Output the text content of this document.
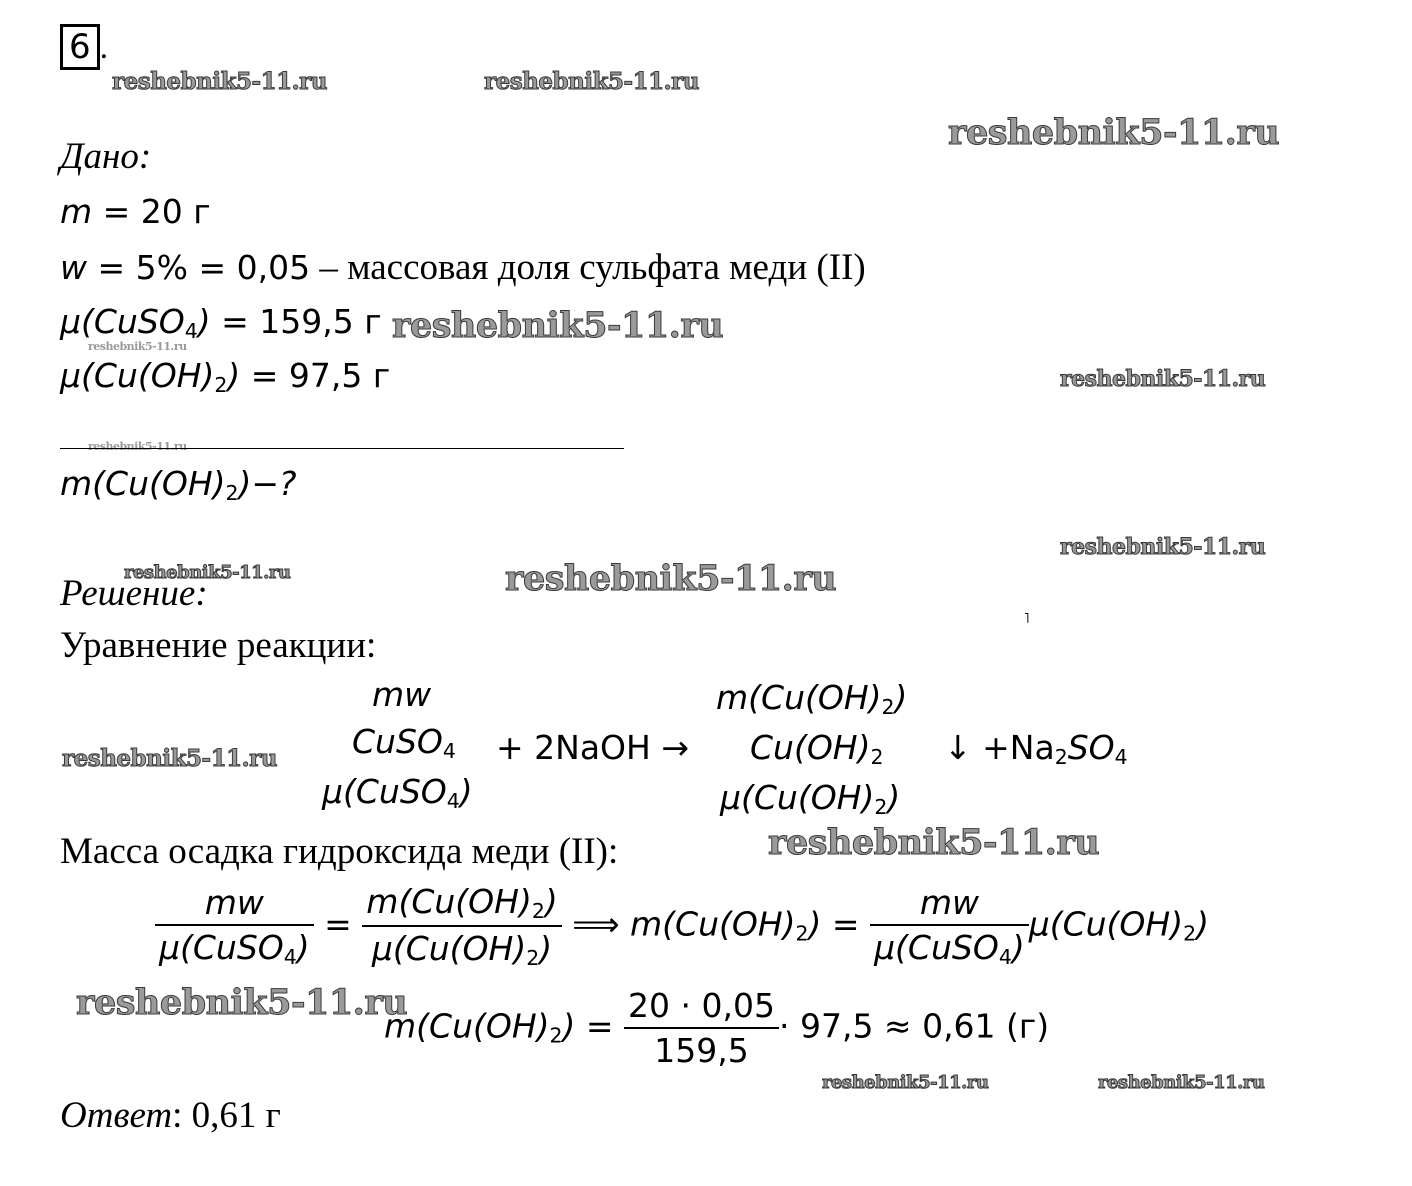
6 .
reshebnik5-11.ru	reshebnik5-11.ru
reshebnik5-11.ru
reshebnik5-11.ru
reshebnik5-11.ru
reshebnik5-11.ru
reshebnik5-11.ru
reshebnik5-11.ru
reshebnik5-11.ru	reshebnik5-11.ru
reshebnik5-11.ru
reshebnik5-11.ru
reshebnik5-11.ru
reshebnik5-11.ru	reshebnik5-11.ru
Дано:
m = 20 г
w = 5% = 0,05 – массовая доля сульфата меди (II)
μ(CuSO$_4$) = 159,5 г
$\mu(Cu(OH)_2) = 97,5$ г
$m(Cu(OH)_2)-$?
Решение:
˥
Уравнение реакции:
mw
CuSO$_4$
μ(CuSO$_4$)
+ 2NaOH →
$m(Cu(OH)_2)$
$Cu(OH)_2$
$\mu(Cu(OH)_2)$
↓ $+Na_2SO_4$
Масса осадка гидроксида меди (II):
$\frac{mw}{\mu(CuSO_4)} = \frac{m(Cu(OH)_2)}{\mu(Cu(OH)_2)}$ ⟹ $m(Cu(OH)_2) = \frac{mw}{\mu(CuSO_4)} \mu(Cu(OH)_2)$
$m(Cu(OH)_2) = \frac{20 \cdot 0,05}{159,5} \cdot 97,5 \approx 0,61$ (г)
Ответ: 0,61 г
